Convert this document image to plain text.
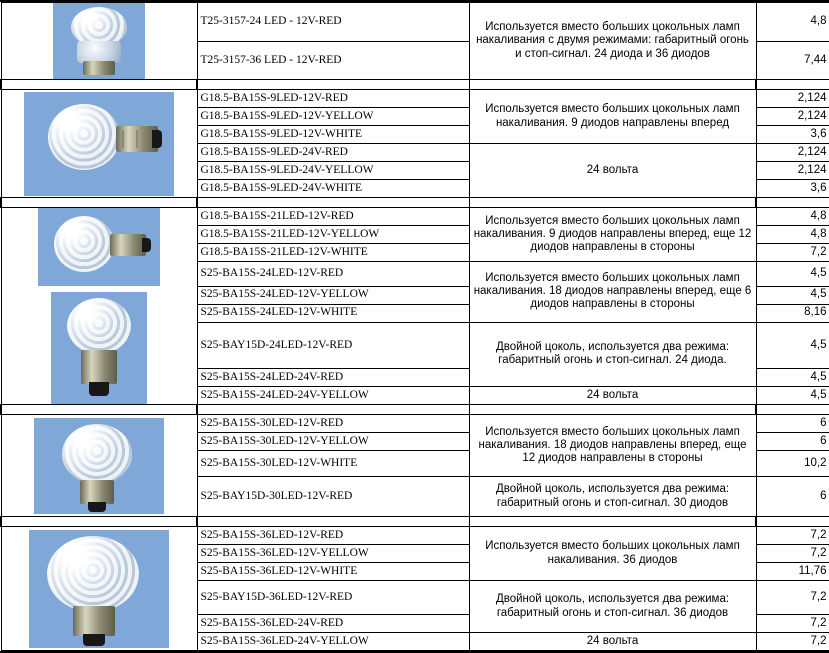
	T25-3157-24 LED - 12V-RED	Используется вместо больших цокольных ламп накаливания с двумя режимами: габаритный огонь и стоп-сигнал. 24 диода и 36 диодов	4,8
	T25-3157-36 LED - 12V-RED		7,44

	G18.5-BA15S-9LED-12V-RED	Используется вместо больших цокольных ламп накаливания. 9 диодов направлены вперед	2,124
	G18.5-BA15S-9LED-12V-YELLOW		2,124
	G18.5-BA15S-9LED-12V-WHITE		3,6
	G18.5-BA15S-9LED-24V-RED	24 вольта	2,124
	G18.5-BA15S-9LED-24V-YELLOW		2,124
	G18.5-BA15S-9LED-24V-WHITE		3,6

	G18.5-BA15S-21LED-12V-RED	Используется вместо больших цокольных ламп накаливания. 9 диодов направлены вперед, еще 12 диодов направлены в стороны	4,8
	G18.5-BA15S-21LED-12V-YELLOW		4,8
	G18.5-BA15S-21LED-12V-WHITE		7,2
	S25-BA15S-24LED-12V-RED	Используется вместо больших цокольных ламп накаливания. 18 диодов направлены вперед, еще 6 диодов направлены в стороны	4,5
	S25-BA15S-24LED-12V-YELLOW		4,5
	S25-BA15S-24LED-12V-WHITE		8,16
	S25-BAY15D-24LED-12V-RED	Двойной цоколь, используется два режима: габаритный огонь и стоп-сигнал. 24 диода.	4,5
	S25-BA15S-24LED-24V-RED		4,5
	S25-BA15S-24LED-24V-YELLOW	24 вольта	4,5

	S25-BA15S-30LED-12V-RED	Используется вместо больших цокольных ламп накаливания. 18 диодов направлены вперед, еще 12 диодов направлены в стороны	6
	S25-BA15S-30LED-12V-YELLOW		6
	S25-BA15S-30LED-12V-WHITE		10,2
	S25-BAY15D-30LED-12V-RED	Двойной цоколь, используется два режима: габаритный огонь и стоп-сигнал. 30 диодов	6

	S25-BA15S-36LED-12V-RED	Используется вместо больших цокольных ламп накаливания. 36 диодов	7,2
	S25-BA15S-36LED-12V-YELLOW		7,2
	S25-BA15S-36LED-12V-WHITE		11,76
	S25-BAY15D-36LED-12V-RED	Двойной цоколь, используется два режима: габаритный огонь и стоп-сигнал. 36 диодов	7,2
	S25-BA15S-36LED-24V-RED		7,2
	S25-BA15S-36LED-24V-YELLOW	24 вольта	7,2
